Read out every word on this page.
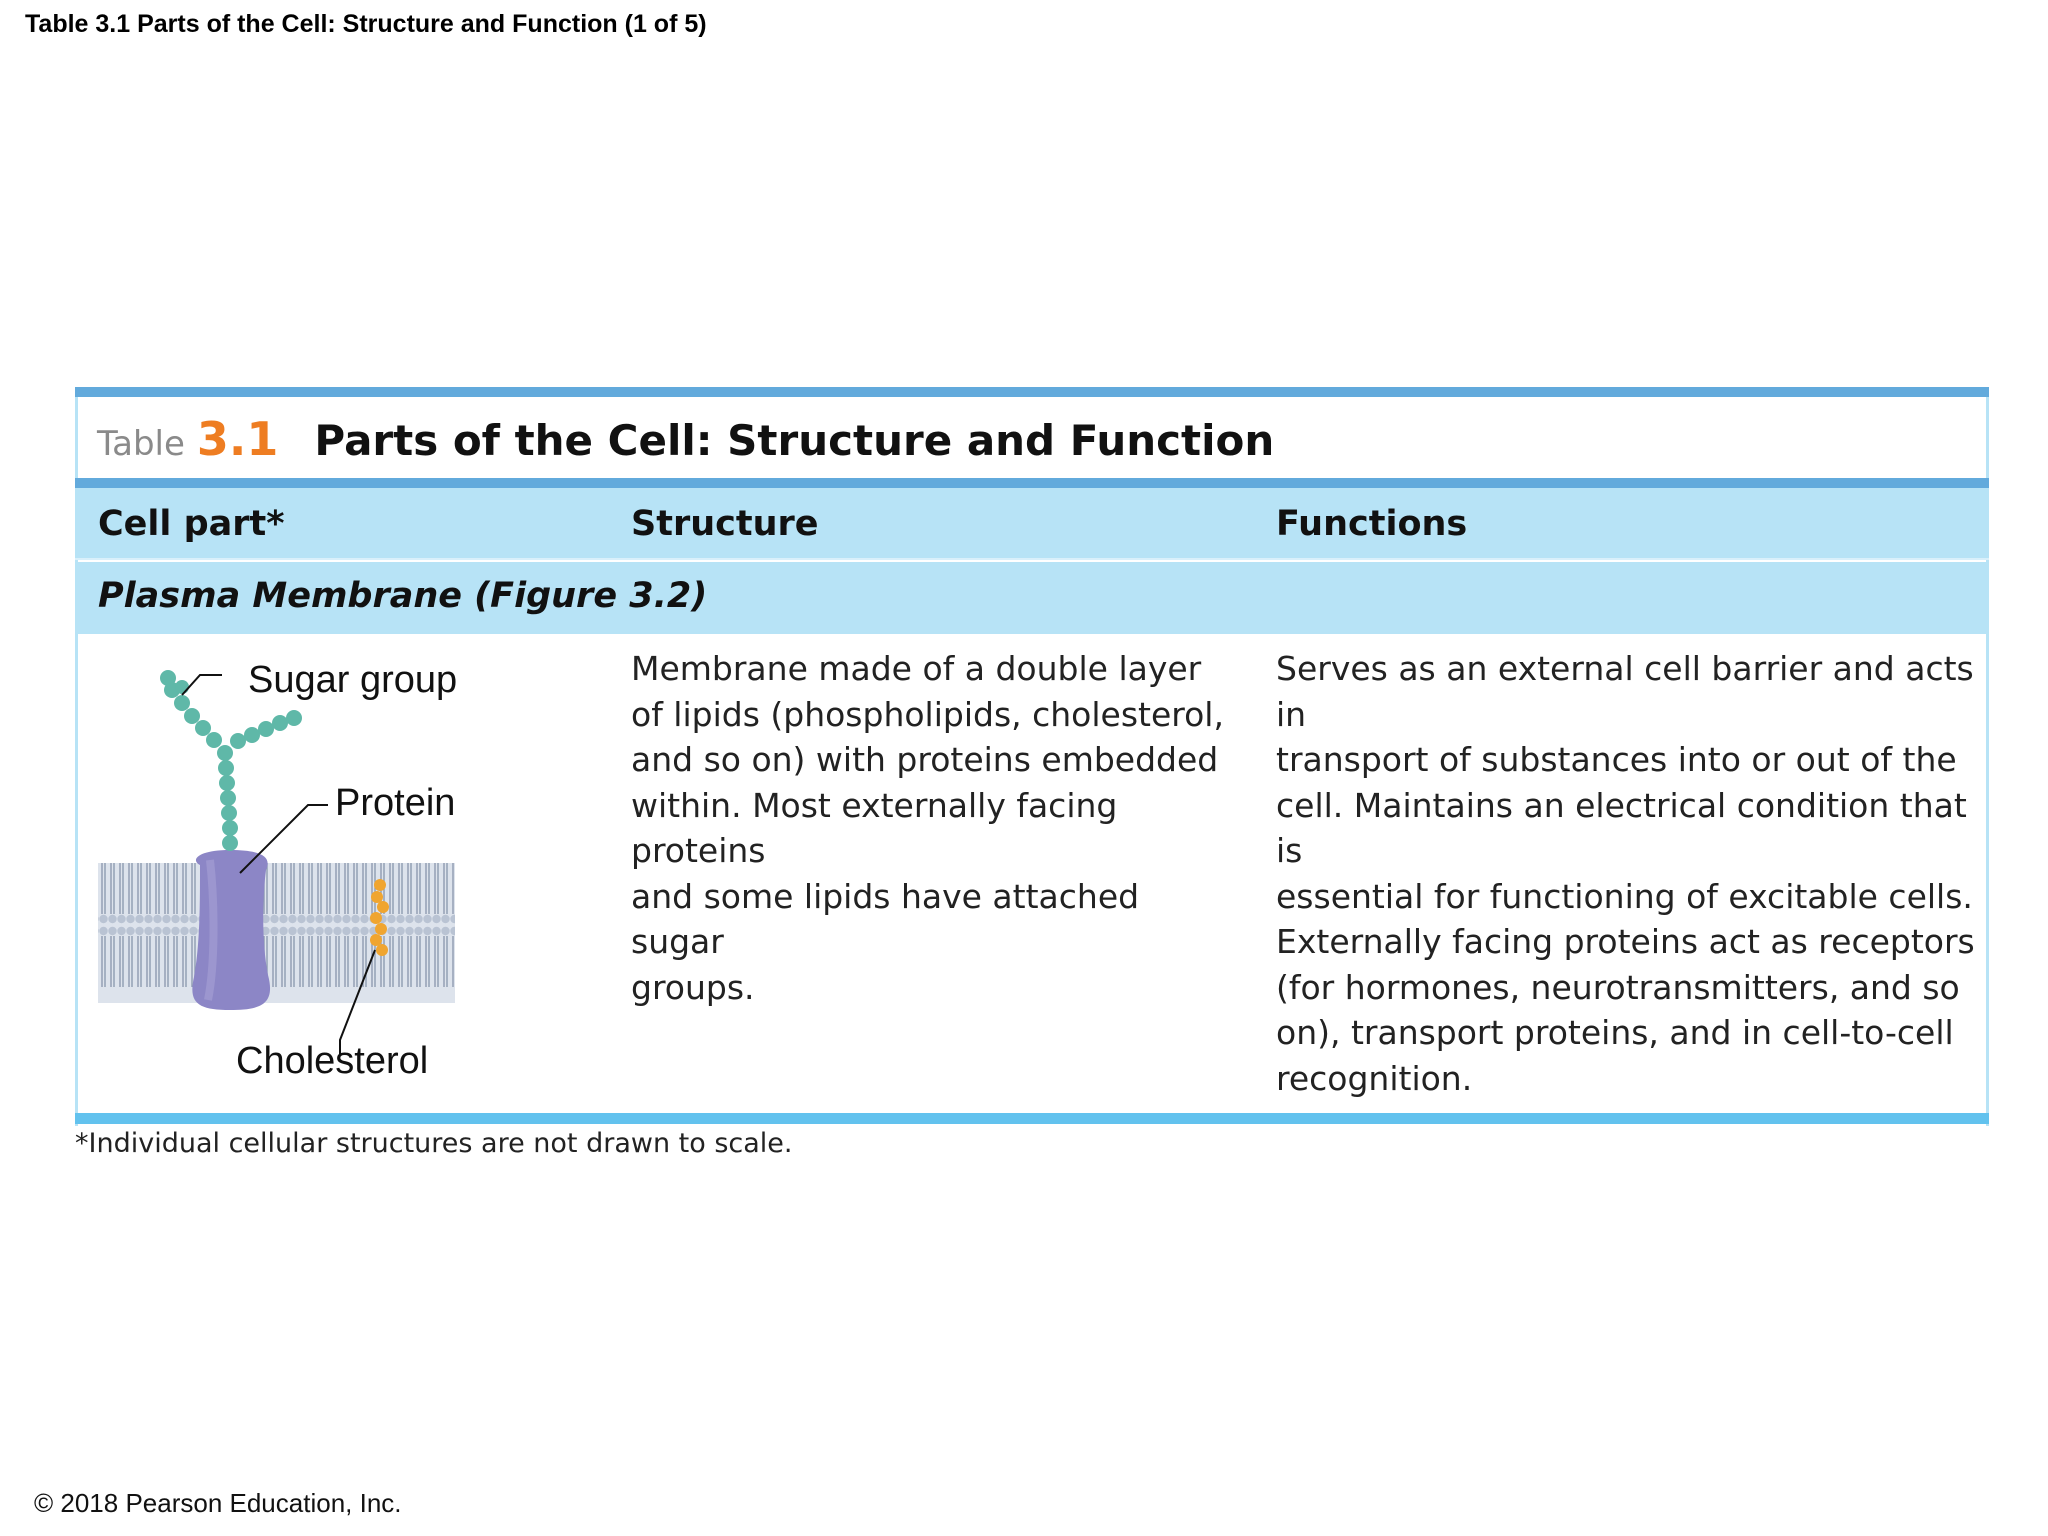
Table 3.1 Parts of the Cell: Structure and Function (1 of 5)
Table 3.1 Parts of the Cell: Structure and Function
Cell part*	Structure	Functions
Plasma Membrane (Figure 3.2)
Sugar group
Protein
Cholesterol
Membrane made of a double layer
of lipids (phospholipids, cholesterol,
and so on) with proteins embedded
within. Most externally facing proteins
and some lipids have attached sugar
groups.
Serves as an external cell barrier and acts in
transport of substances into or out of the
cell. Maintains an electrical condition that is
essential for functioning of excitable cells.
Externally facing proteins act as receptors
(for hormones, neurotransmitters, and so
on), transport proteins, and in cell-to-cell
recognition.
*Individual cellular structures are not drawn to scale.
© 2018 Pearson Education, Inc.
